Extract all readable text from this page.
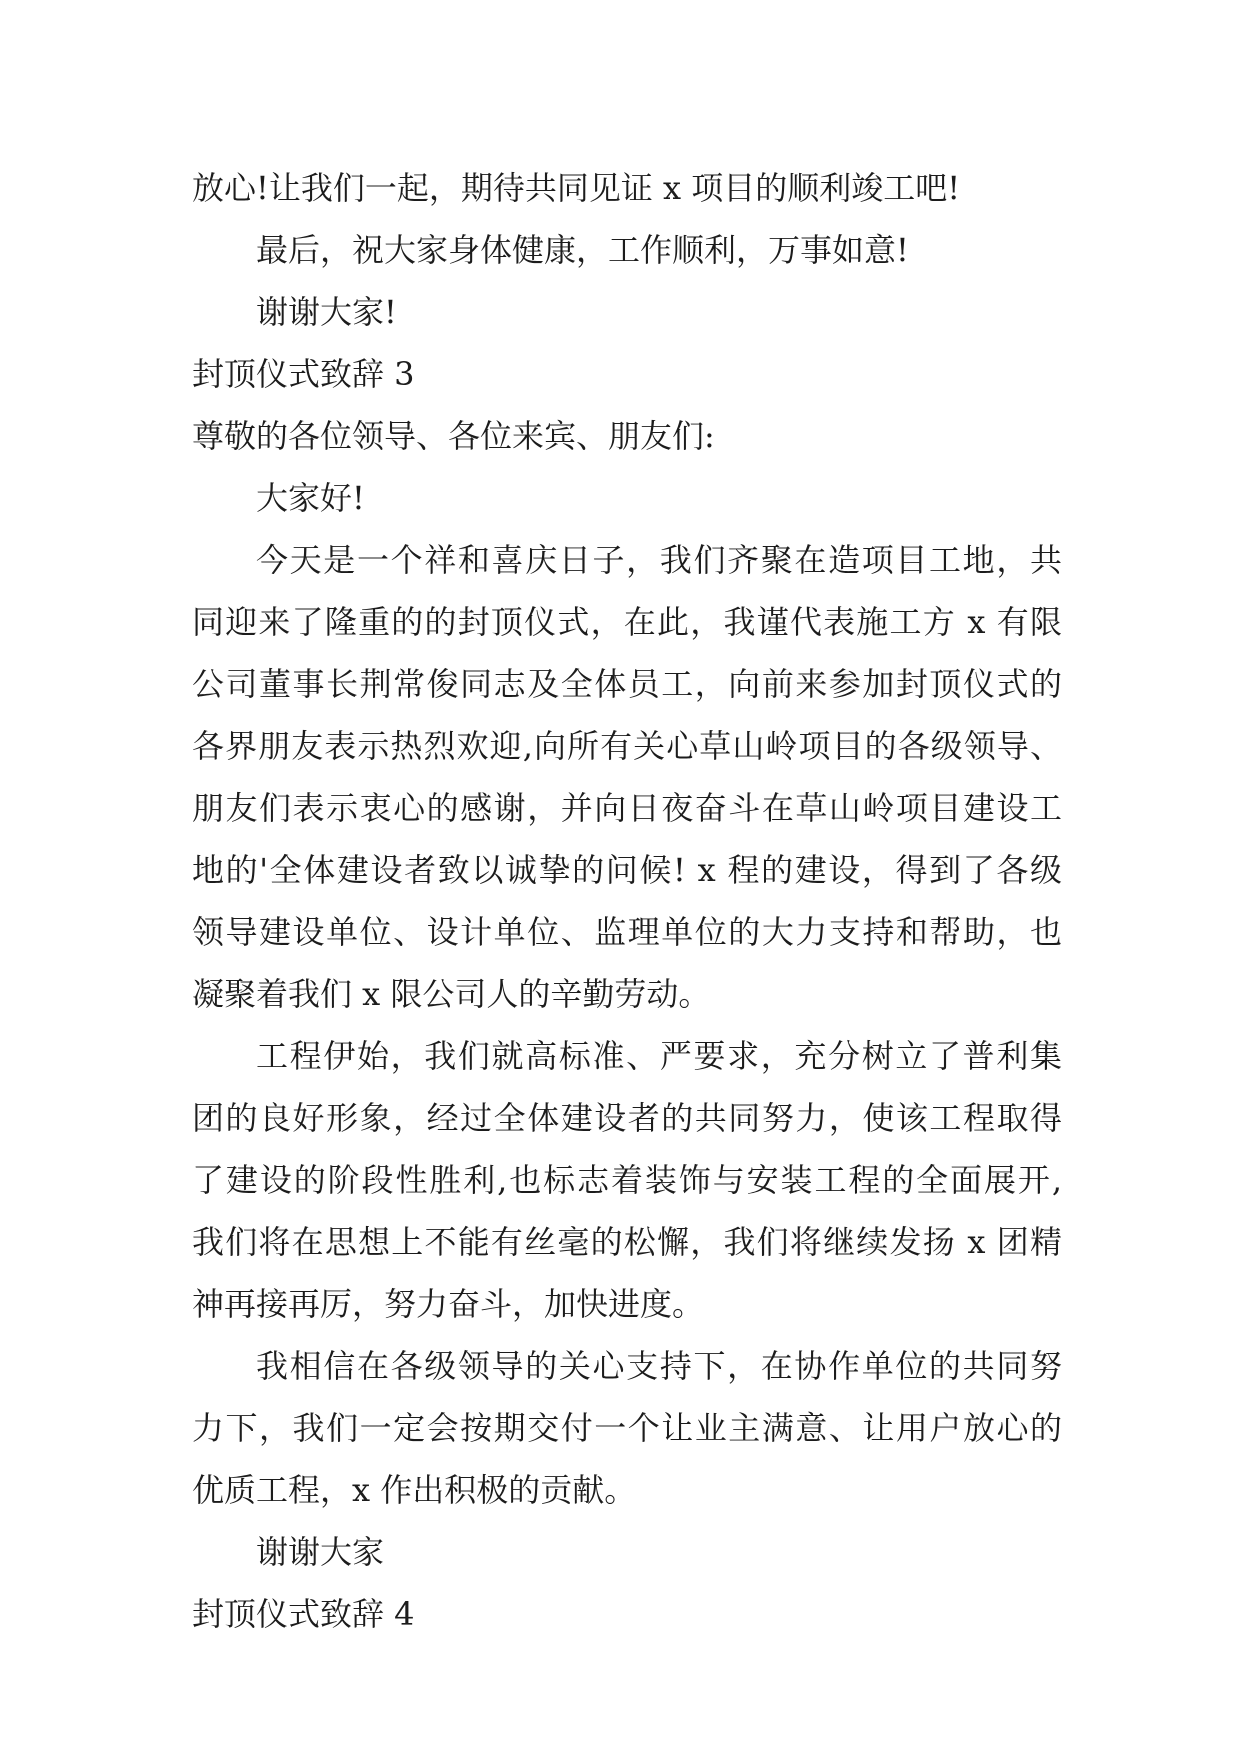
放心!让我们一起，期待共同见证 x 项目的顺利竣工吧!
最后，祝大家身体健康，工作顺利，万事如意!
谢谢大家!
封顶仪式致辞 3
尊敬的各位领导、各位来宾、朋友们:
大家好!
今天是一个祥和喜庆日子，我们齐聚在造项目工地，共
同迎来了隆重的的封顶仪式，在此，我谨代表施工方 x 有限
公司董事长荆常俊同志及全体员工，向前来参加封顶仪式的
各界朋友表示热烈欢迎,向所有关心草山岭项目的各级领导、
朋友们表示衷心的感谢，并向日夜奋斗在草山岭项目建设工
地的'全体建设者致以诚挚的问候! x 程的建设，得到了各级
领导建设单位、设计单位、监理单位的大力支持和帮助，也
凝聚着我们 x 限公司人的辛勤劳动。
工程伊始，我们就高标准、严要求，充分树立了普利集
团的良好形象，经过全体建设者的共同努力，使该工程取得
了建设的阶段性胜利,也标志着装饰与安装工程的全面展开,
我们将在思想上不能有丝毫的松懈，我们将继续发扬 x 团精
神再接再厉，努力奋斗，加快进度。
我相信在各级领导的关心支持下，在协作单位的共同努
力下，我们一定会按期交付一个让业主满意、让用户放心的
优质工程，x 作出积极的贡献。
谢谢大家
封顶仪式致辞 4
